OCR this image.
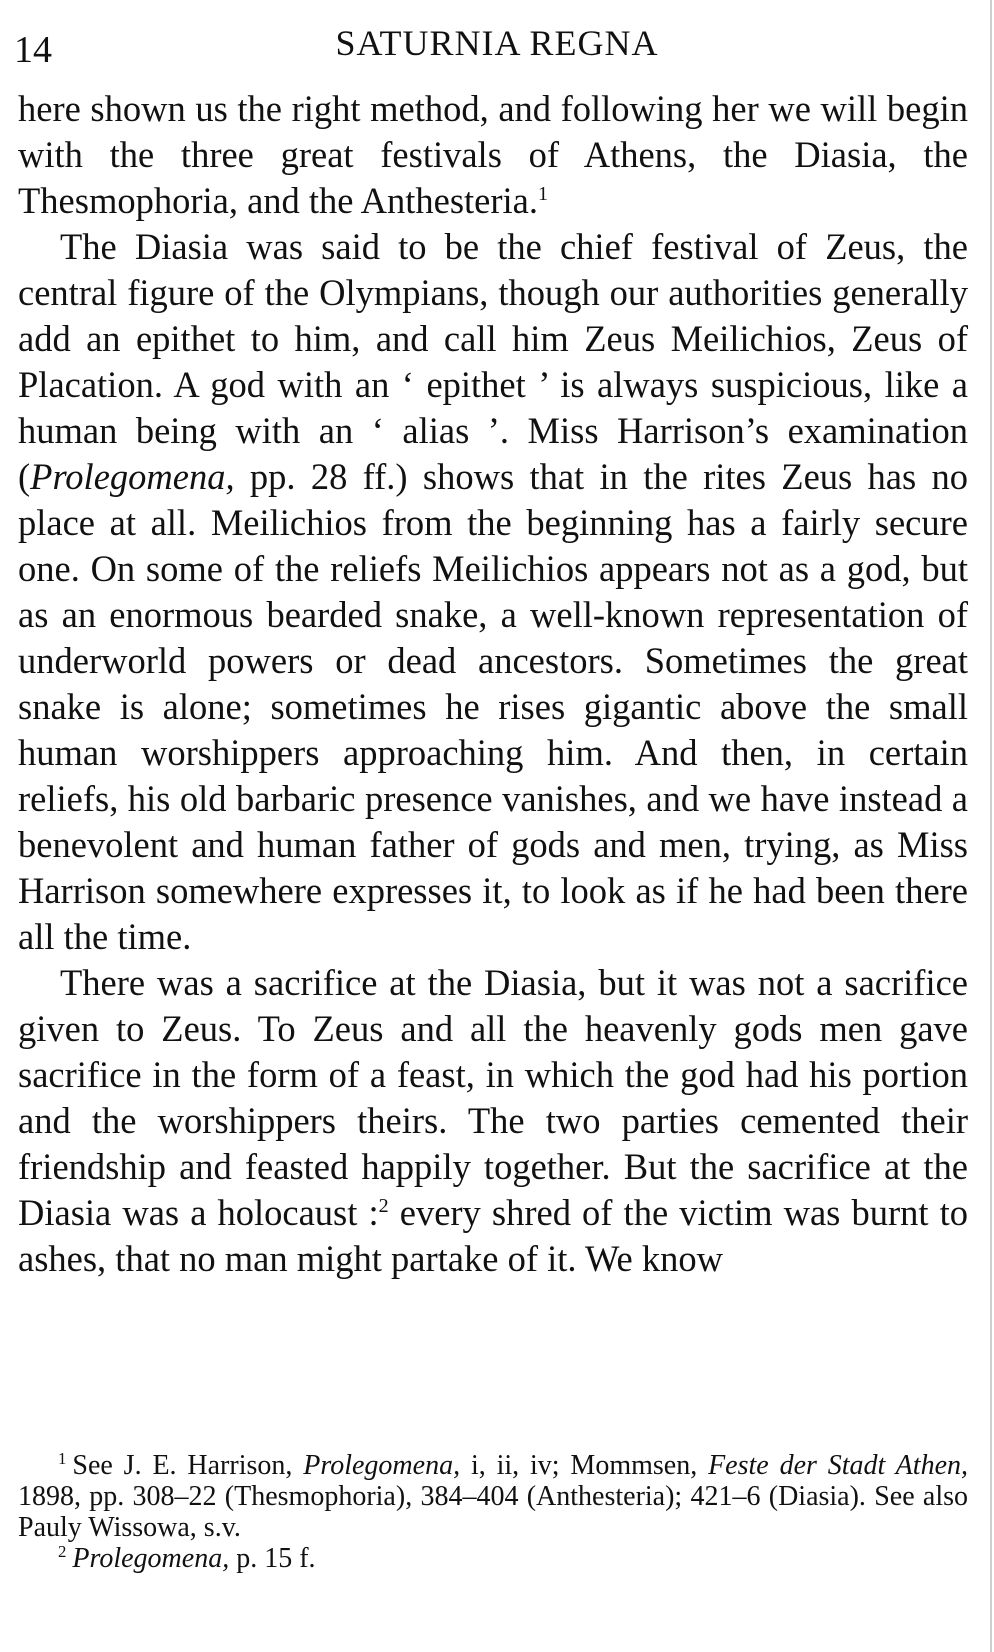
14	SATURNIA REGNA

here shown us the right method, and following her we will begin with the three great festivals of Athens, the Diasia, the Thesmophoria, and the Anthesteria.$^1$

The Diasia was said to be the chief festival of Zeus, the central figure of the Olympians, though our authorities generally add an epithet to him, and call him Zeus Meilichios, Zeus of Placation. A god with an ‘ epithet ’ is always suspicious, like a human being with an ‘ alias ’. Miss Harrison’s examination (Prolegomena, pp. 28 ff.) shows that in the rites Zeus has no place at all. Meilichios from the beginning has a fairly secure one. On some of the reliefs Meilichios appears not as a god, but as an enormous bearded snake, a well-known representation of underworld powers or dead ancestors. Sometimes the great snake is alone; sometimes he rises gigantic above the small human worshippers approaching him. And then, in certain reliefs, his old barbaric presence vanishes, and we have instead a benevolent and human father of gods and men, trying, as Miss Harrison somewhere expresses it, to look as if he had been there all the time.

There was a sacrifice at the Diasia, but it was not a sacrifice given to Zeus. To Zeus and all the heavenly gods men gave sacrifice in the form of a feast, in which the god had his portion and the worshippers theirs. The two parties cemented their friendship and feasted happily together. But the sacrifice at the Diasia was a holocaust :$^2$ every shred of the victim was burnt to ashes, that no man might partake of it. We know

$^1$ See J. E. Harrison, Prolegomena, i, ii, iv; Mommsen, Feste der Stadt Athen, 1898, pp. 308–22 (Thesmophoria), 384–404 (Anthesteria); 421–6 (Diasia). See also Pauly Wissowa, s.v.

$^2$ Prolegomena, p. 15 f.
